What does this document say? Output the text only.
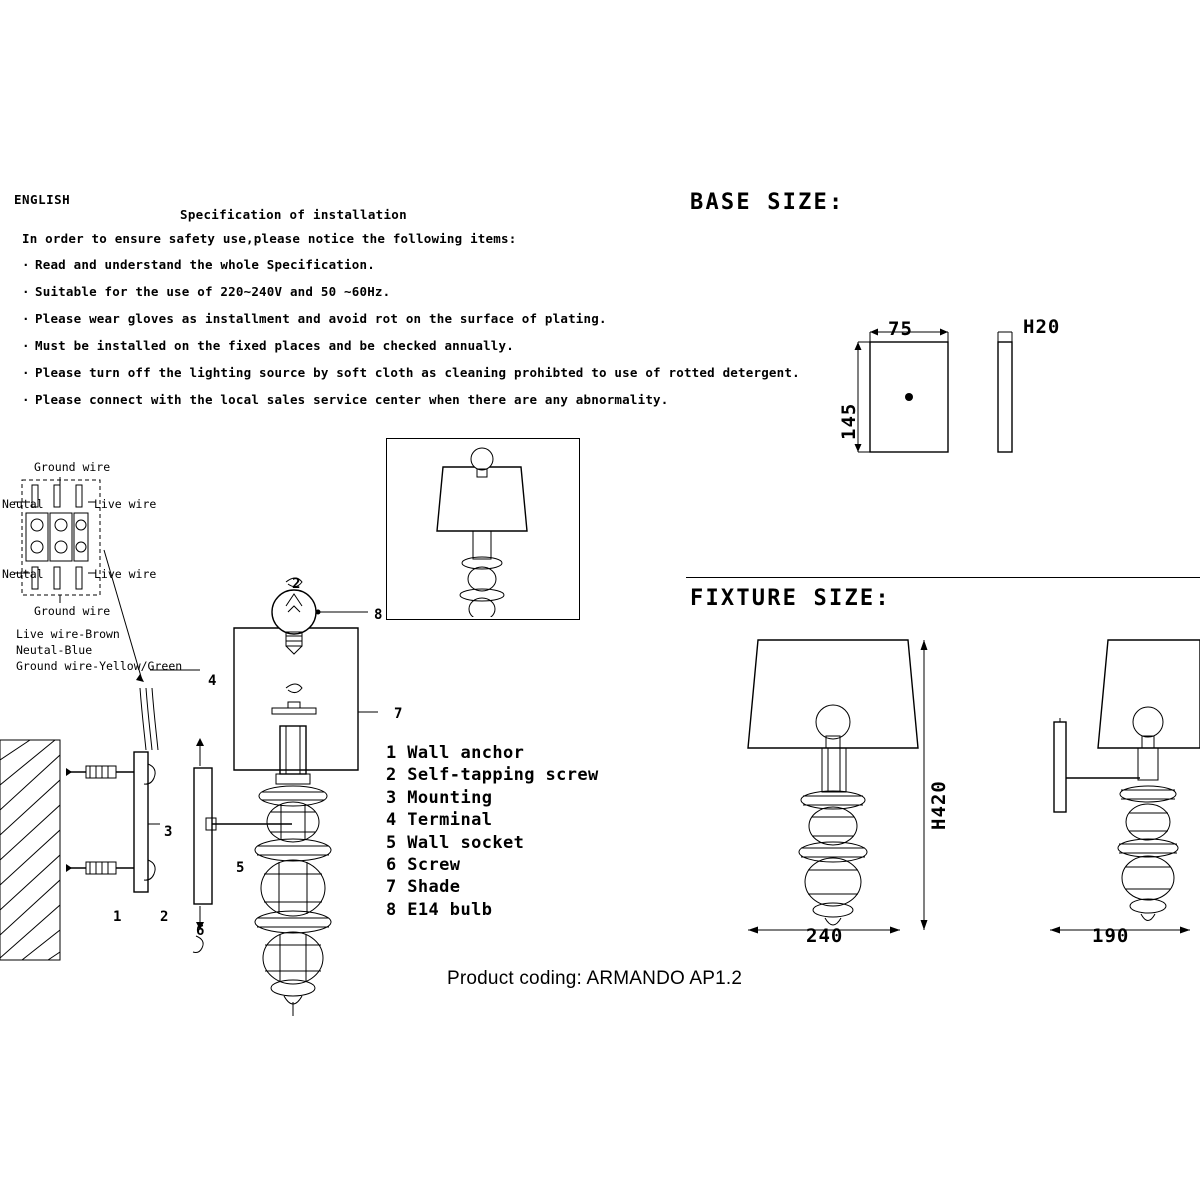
ENGLISH
Specification of installation
In order to ensure safety use,please notice the following items:
· Read and understand the whole Specification.
· Suitable for the use of 220~240V and 50 ~60Hz.
· Please wear gloves as installment and avoid rot on the surface of plating.
· Must be installed on the fixed places and be checked annually.
· Please turn off the lighting source by soft cloth as cleaning prohibted to use of rotted detergent.
· Please connect with the local sales service center when there are any abnormality.
Ground wire
Neutal	Live wire
Neutal	Live wire
Ground wire
Live wire-Brown
Neutal-Blue
Ground wire-Yellow/Green
2
8
7
4
3
5
1	2
6
1 Wall anchor
2 Self-tapping screw
3 Mounting
4 Terminal
5 Wall socket
6 Screw
7 Shade
8 E14 bulb
Product coding: ARMANDO AP1.2
BASE SIZE:
75
145
H20
FIXTURE SIZE:
H420
240	190
